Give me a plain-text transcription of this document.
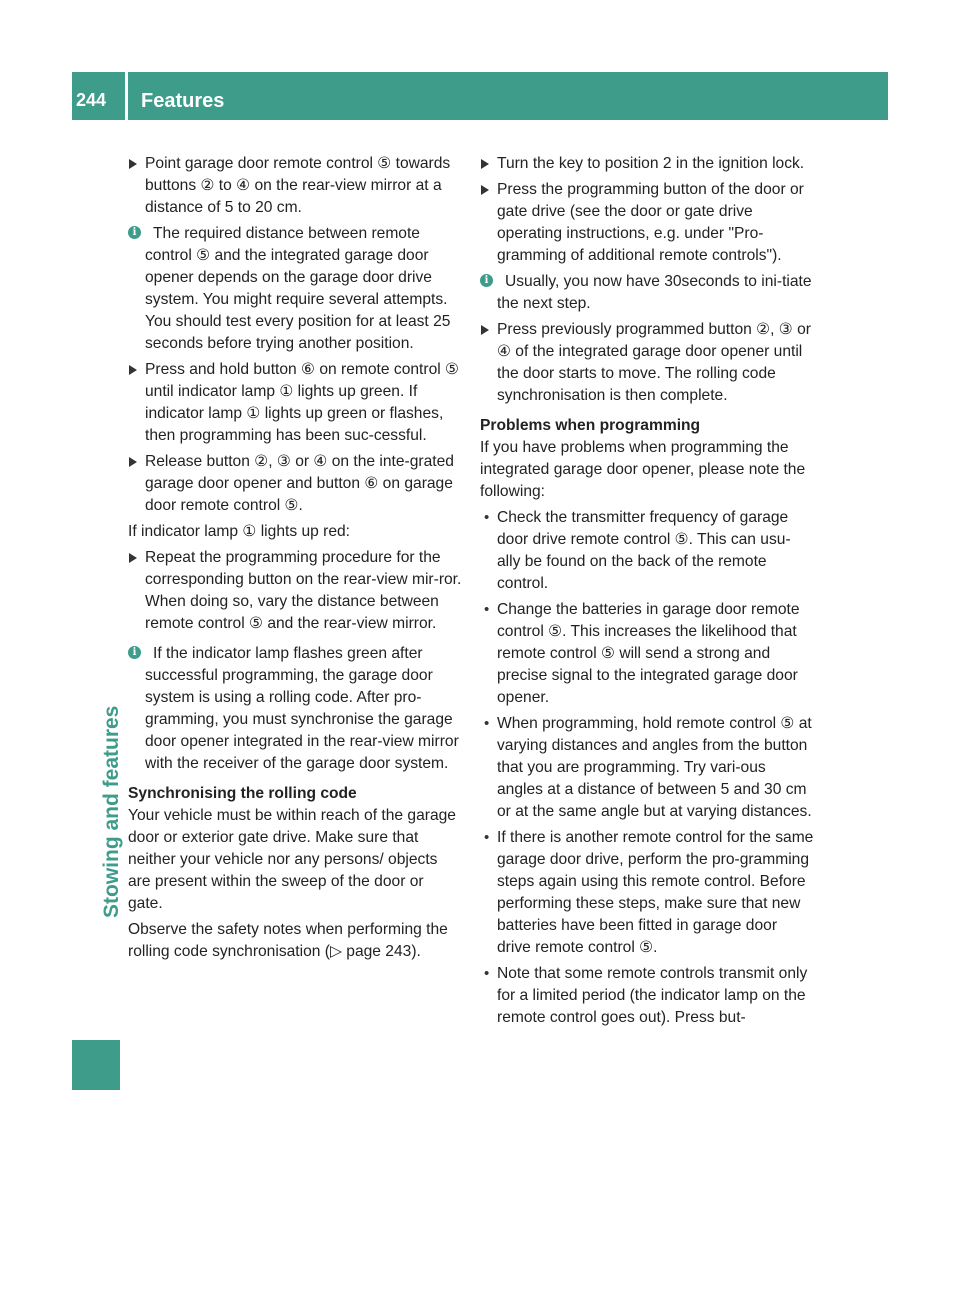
244	Features
Stowing and features

Point garage door remote control ⑤ towards buttons ② to ④ on the rear-view mirror at a distance of 5 to 20 cm.

i	The required distance between remote control ⑤ and the integrated garage door opener depends on the garage door drive system. You might require several attempts. You should test every position for at least 25 seconds before trying another position.

Press and hold button ⑥ on remote control ⑤ until indicator lamp ① lights up green. If indicator lamp ① lights up green or flashes, then programming has been suc-cessful.

Release button ②, ③ or ④ on the inte-grated garage door opener and button ⑥ on garage door remote control ⑤.

If indicator lamp ① lights up red:

Repeat the programming procedure for the corresponding button on the rear-view mir-ror. When doing so, vary the distance between remote control ⑤ and the rear-view mirror.

i	If the indicator lamp flashes green after successful programming, the garage door system is using a rolling code. After pro-gramming, you must synchronise the garage door opener integrated in the rear-view mirror with the receiver of the garage door system.

Synchronising the rolling code

Your vehicle must be within reach of the garage door or exterior gate drive. Make sure that neither your vehicle nor any persons/ objects are present within the sweep of the door or gate.

Observe the safety notes when performing the rolling code synchronisation (▷ page 243).

Turn the key to position 2 in the ignition lock.

Press the programming button of the door or gate drive (see the door or gate drive operating instructions, e.g. under "Pro-gramming of additional remote controls").

i	Usually, you now have 30seconds to ini-tiate the next step.

Press previously programmed button ②, ③ or ④ of the integrated garage door opener until the door starts to move. The rolling code synchronisation is then complete.

Problems when programming

If you have problems when programming the integrated garage door opener, please note the following:

• Check the transmitter frequency of garage door drive remote control ⑤. This can usu-ally be found on the back of the remote control.

• Change the batteries in garage door remote control ⑤. This increases the likelihood that remote control ⑤ will send a strong and precise signal to the integrated garage door opener.

• When programming, hold remote control ⑤ at varying distances and angles from the button that you are programming. Try vari-ous angles at a distance of between 5 and 30 cm or at the same angle but at varying distances.

• If there is another remote control for the same garage door drive, perform the pro-gramming steps again using this remote control. Before performing these steps, make sure that new batteries have been fitted in garage door drive remote control ⑤.

• Note that some remote controls transmit only for a limited period (the indicator lamp on the remote control goes out). Press but-
